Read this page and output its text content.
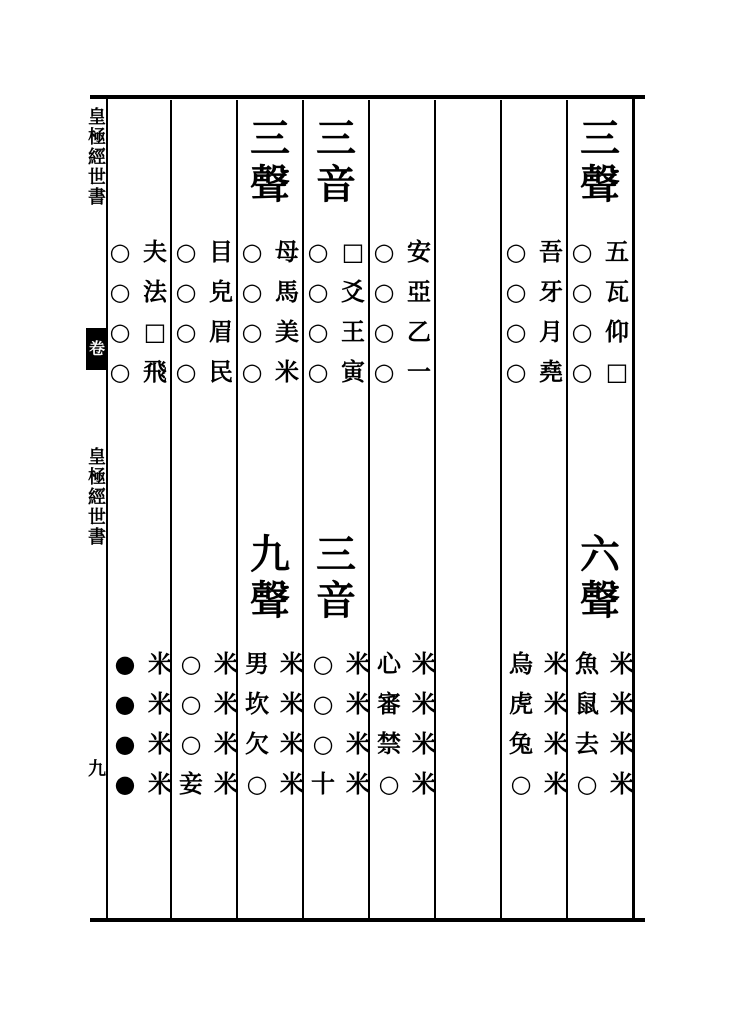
皇極經世書
卷
皇極經世書
九
三聲
○ 五
○ 瓦
○ 仰
○ □
六聲
魚 米
鼠 米
去 米
○ 米
○ 吾
○ 牙
○ 月
○ 堯
烏 米
虎 米
兔 米
○ 米
○ 安
○ 亞
○ 乙
○ 一
心 米
審 米
禁 米
○ 米
三音
○ □
○ 爻
○ 王
○ 寅
三音
○ 米
○ 米
○ 米
十 米
三聲
○ 母
○ 馬
○ 美
○ 米
九聲
男 米
坎 米
欠 米
○ 米
○ 目
○ 皃
○ 眉
○ 民
○ 米
○ 米
○ 米
妾 米
○ 夫
○ 法
○ □
○ 飛
● 米
● 米
● 米
● 米
